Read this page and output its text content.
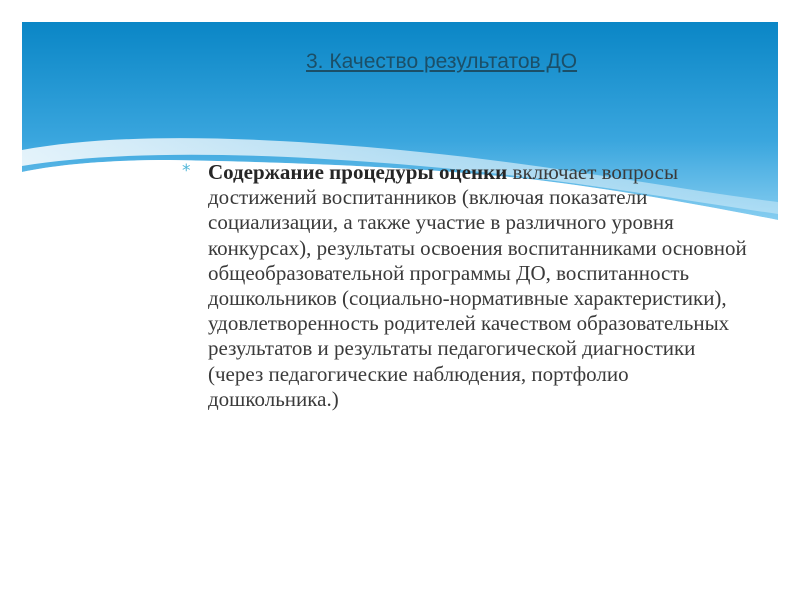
3. Качество результатов ДО
* Содержание процедуры оценки включает вопросы достижений воспитанников (включая показатели социализации, а также участие в различного уровня конкурсах), результаты освоения воспитанниками основной общеобразовательной программы ДО, воспитанность дошкольников (социально-нормативные характеристики), удовлетворенность родителей качеством образовательных результатов и результаты педагогической диагностики (через педагогические наблюдения, портфолио дошкольника.)
